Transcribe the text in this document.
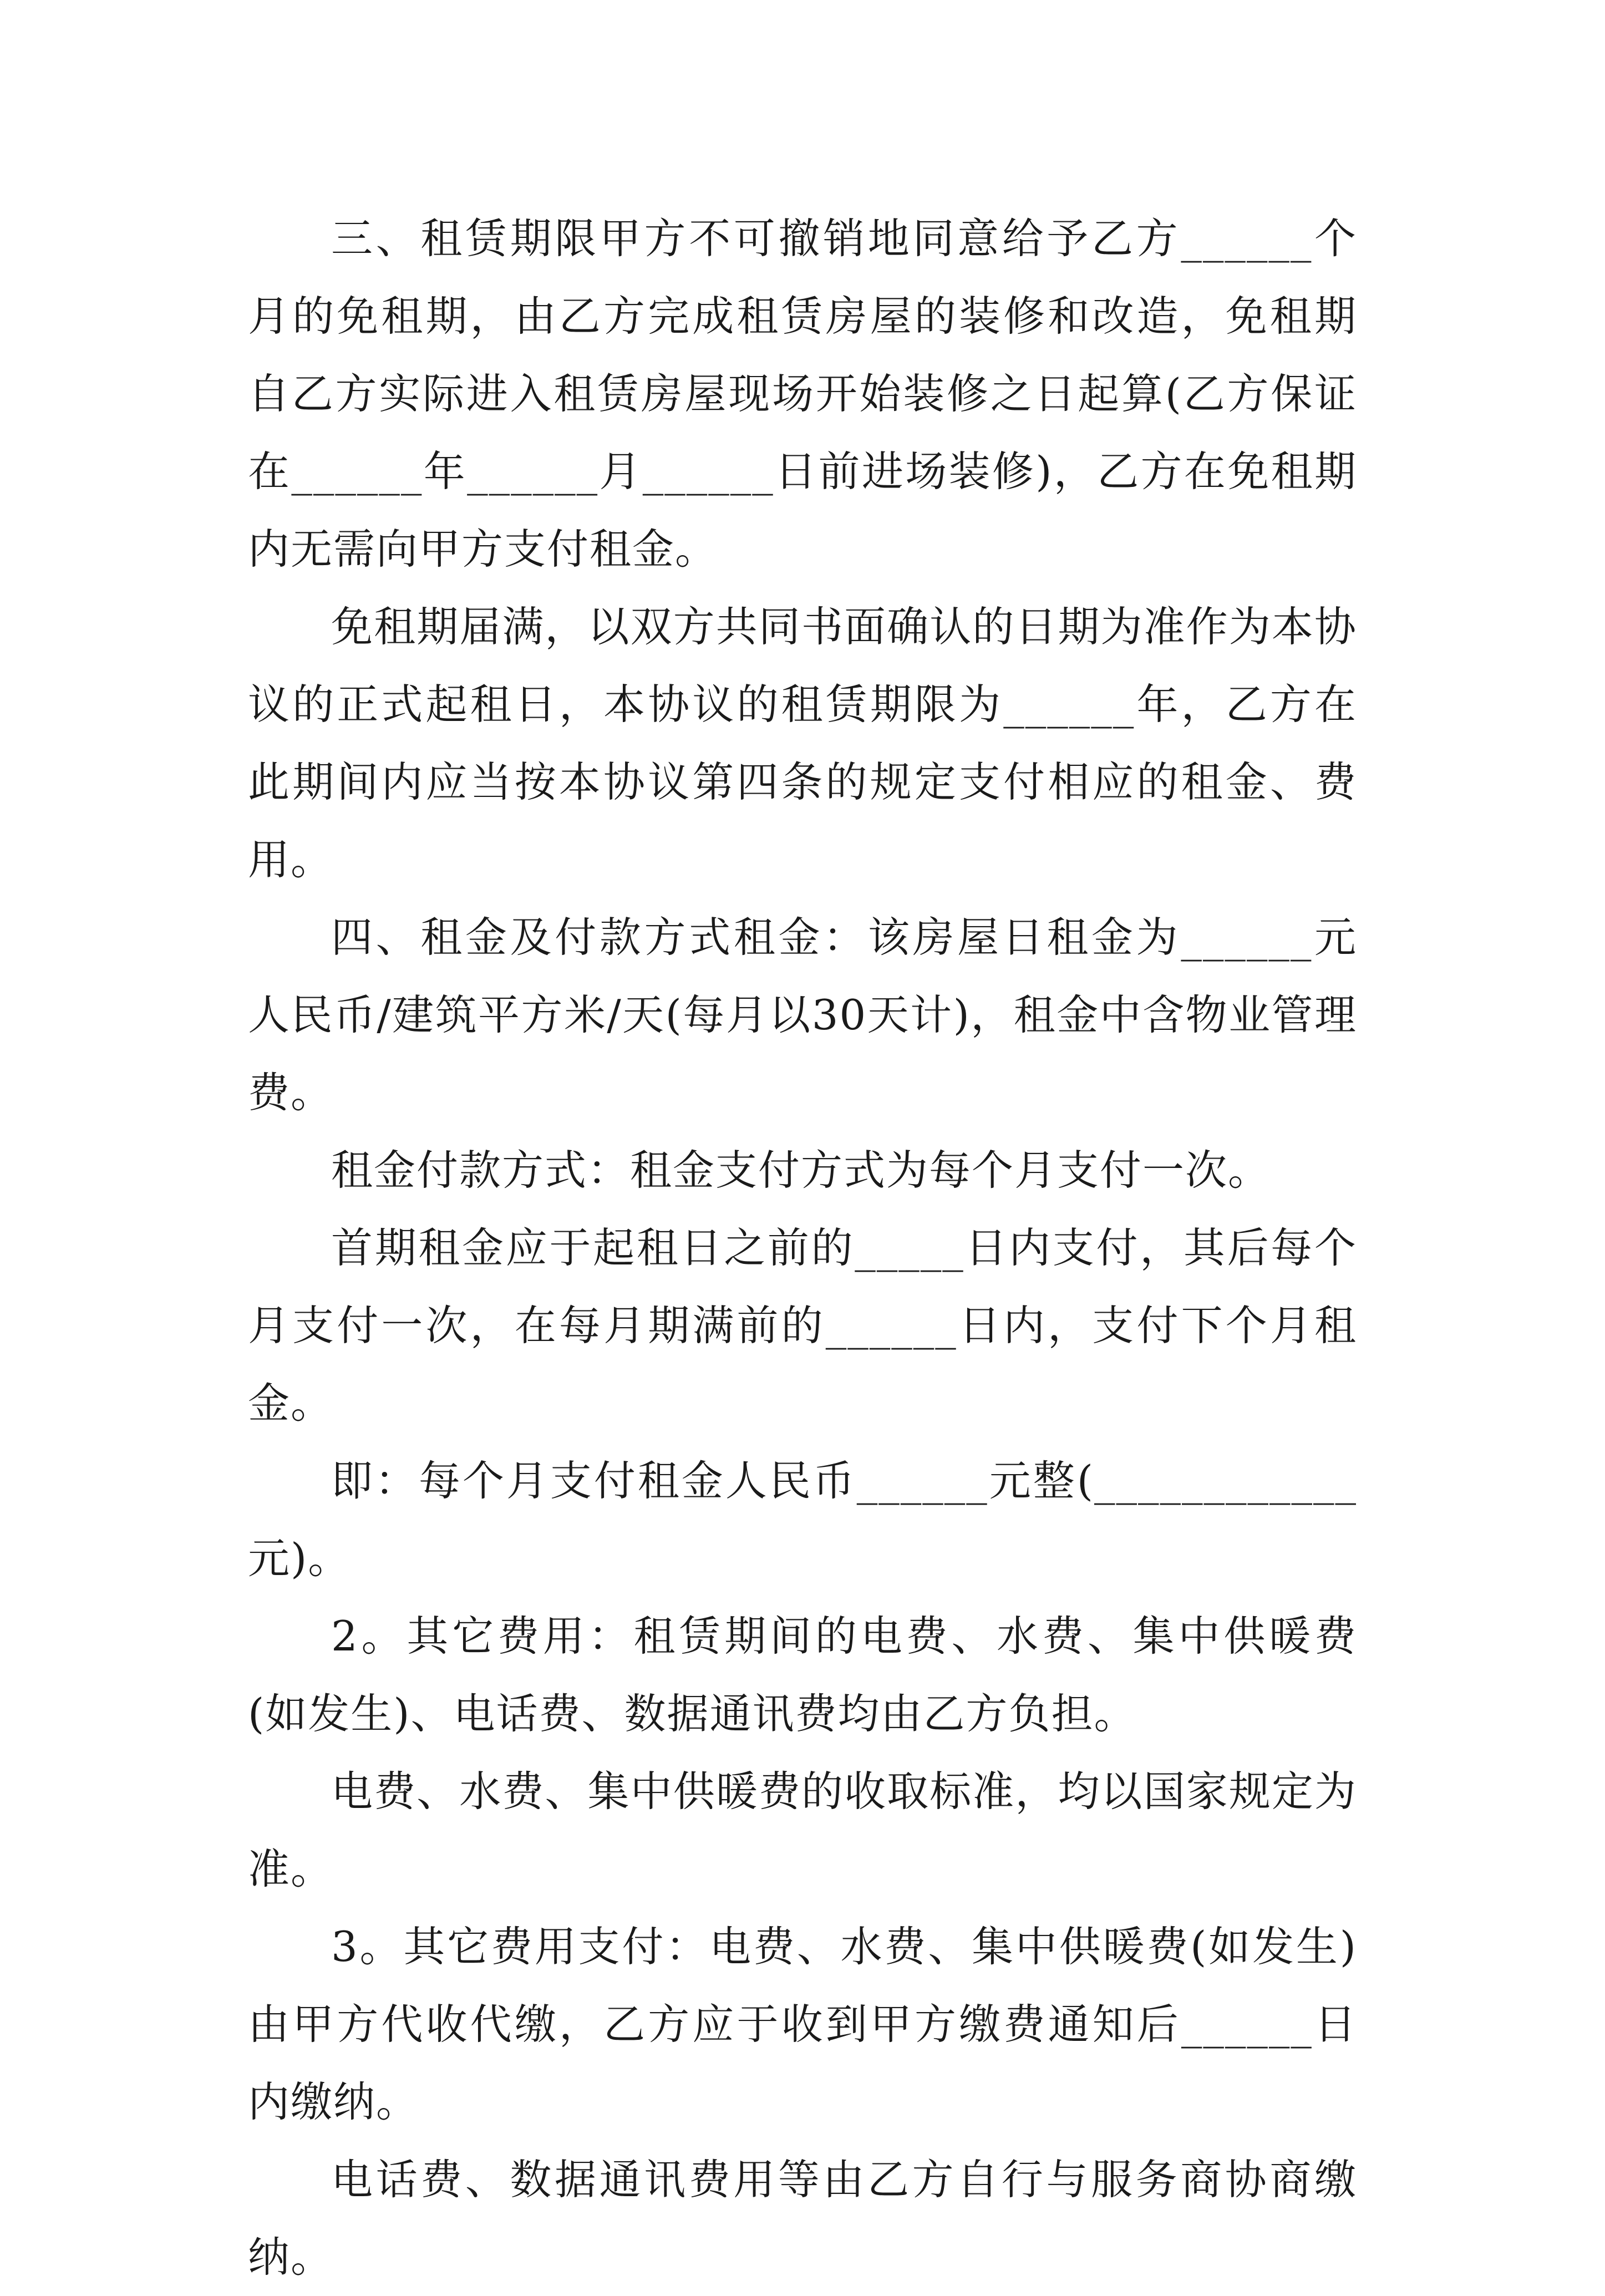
三、租赁期限甲方不可撤销地同意给予乙方______个月的免租期，由乙方完成租赁房屋的装修和改造，免租期自乙方实际进入租赁房屋现场开始装修之日起算(乙方保证在______年______月______日前进场装修)，乙方在免租期内无需向甲方支付租金。

免租期届满，以双方共同书面确认的日期为准作为本协议的正式起租日，本协议的租赁期限为______年，乙方在此期间内应当按本协议第四条的规定支付相应的租金、费用。

四、租金及付款方式租金：该房屋日租金为______元人民币/建筑平方米/天(每月以30天计)，租金中含物业管理费。

租金付款方式：租金支付方式为每个月支付一次。

首期租金应于起租日之前的_____日内支付，其后每个月支付一次，在每月期满前的______日内，支付下个月租金。

即：每个月支付租金人民币______元整(____________元)。

2。其它费用：租赁期间的电费、水费、集中供暖费(如发生)、电话费、数据通讯费均由乙方负担。

电费、水费、集中供暖费的收取标准，均以国家规定为准。

3。其它费用支付：电费、水费、集中供暖费(如发生)由甲方代收代缴，乙方应于收到甲方缴费通知后______日内缴纳。

电话费、数据通讯费用等由乙方自行与服务商协商缴纳。
